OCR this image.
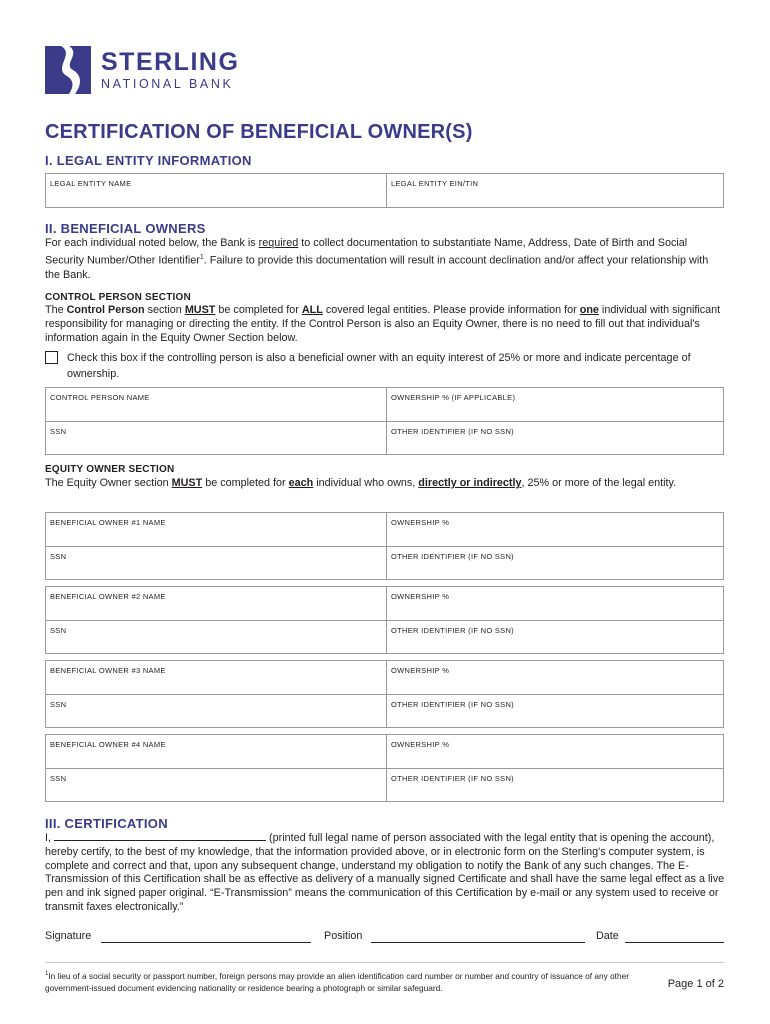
STERLING
NATIONAL BANK
CERTIFICATION OF BENEFICIAL OWNER(S)
I. LEGAL ENTITY INFORMATION
LEGAL ENTITY NAME	LEGAL ENTITY EIN/TIN
II. BENEFICIAL OWNERS
For each individual noted below, the Bank is required to collect documentation to substantiate Name, Address, Date of Birth and Social Security Number/Other Identifier$^1$. Failure to provide this documentation will result in account declination and/or affect your relationship with the Bank.
CONTROL PERSON SECTION
The Control Person section MUST be completed for ALL covered legal entities. Please provide information for one individual with significant responsibility for managing or directing the entity. If the Control Person is also an Equity Owner, there is no need to fill out that individual's information again in the Equity Owner Section below.
Check this box if the controlling person is also a beneficial owner with an equity interest of 25% or more and indicate percentage of ownership.
CONTROL PERSON NAME	OWNERSHIP % (IF APPLICABLE)
SSN	OTHER IDENTIFIER (IF NO SSN)
EQUITY OWNER SECTION
The Equity Owner section MUST be completed for each individual who owns, directly or indirectly, 25% or more of the legal entity.
BENEFICIAL OWNER #1 NAME	OWNERSHIP %
SSN	OTHER IDENTIFIER (IF NO SSN)
BENEFICIAL OWNER #2 NAME	OWNERSHIP %
SSN	OTHER IDENTIFIER (IF NO SSN)
BENEFICIAL OWNER #3 NAME	OWNERSHIP %
SSN	OTHER IDENTIFIER (IF NO SSN)
BENEFICIAL OWNER #4 NAME	OWNERSHIP %
SSN	OTHER IDENTIFIER (IF NO SSN)
III. CERTIFICATION
I,	(printed full legal name of person associated with the legal entity that is opening the account), hereby certify, to the best of my knowledge, that the information provided above, or in electronic form on the Sterling's computer system, is complete and correct and that, upon any subsequent change, understand my obligation to notify the Bank of any such changes. The E-Transmission of this Certification shall be as effective as delivery of a manually signed Certificate and shall have the same legal effect as a live pen and ink signed paper original. “E-Transmission” means the communication of this Certification by e-mail or any system used to receive or transmit faxes electronically.”
Signature	Position	Date
$^1$In lieu of a social security or passport number, foreign persons may provide an alien identification card number or number and country of issuance of any other government-issued document evidencing nationality or residence bearing a photograph or similar safeguard.	Page 1 of 2
